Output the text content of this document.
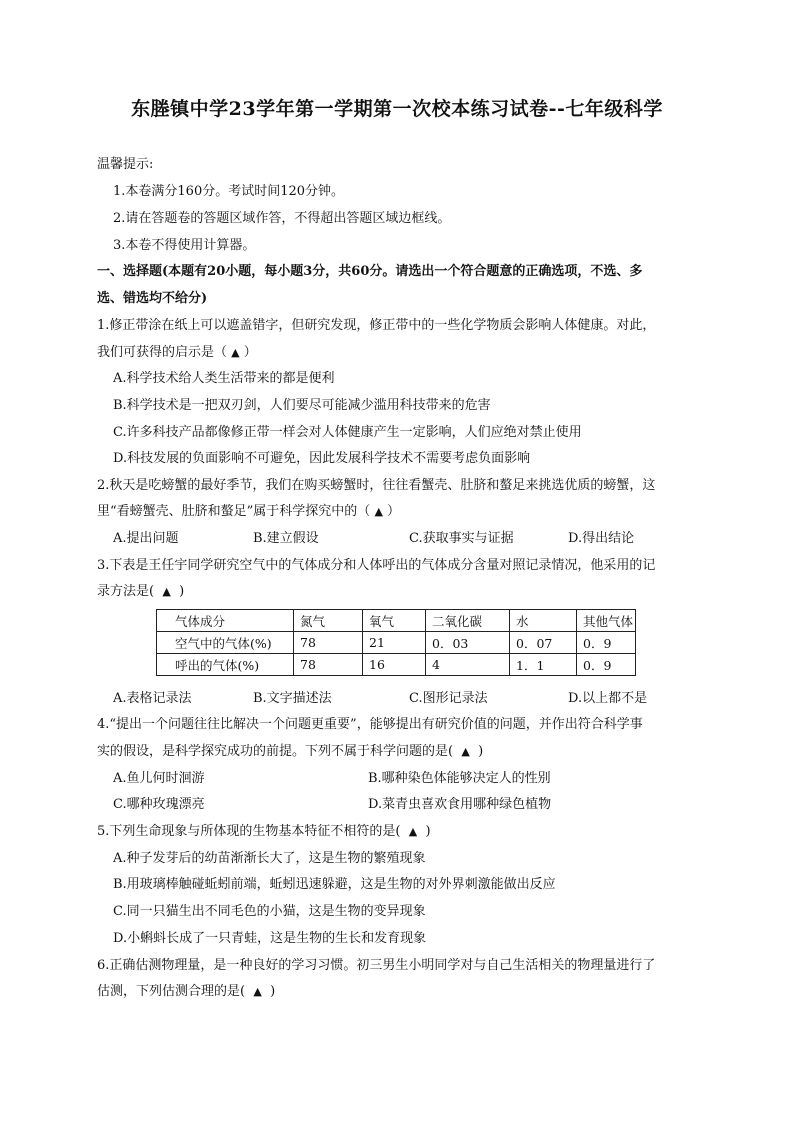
东塍镇中学23学年第一学期第一次校本练习试卷--七年级科学
温馨提示:
1.本卷满分160分。考试时间120分钟。
2.请在答题卷的答题区域作答，不得超出答题区域边框线。
3.本卷不得使用计算器。
一、选择题(本题有20小题，每小题3分，共60分。请选出一个符合题意的正确选项，不选、多
选、错选均不给分)
1.修正带涂在纸上可以遮盖错字，但研究发现，修正带中的一些化学物质会影响人体健康。对此，
我们可获得的启示是（ ▲ ）
A.科学技术给人类生活带来的都是便利
B.科学技术是一把双刃剑，人们要尽可能减少滥用科技带来的危害
C.许多科技产品都像修正带一样会对人体健康产生一定影响，人们应绝对禁止使用
D.科技发展的负面影响不可避免，因此发展科学技术不需要考虑负面影响
2.秋天是吃螃蟹的最好季节，我们在购买螃蟹时，往往看蟹壳、肚脐和螯足来挑选优质的螃蟹，这
里“看螃蟹壳、肚脐和螯足”属于科学探究中的（ ▲ ）
A.提出问题	B.建立假设	C.获取事实与证据	D.得出结论
3.下表是王任宇同学研究空气中的气体成分和人体呼出的气体成分含量对照记录情况，他采用的记
录方法是( ▲ )
气体成分	氮气	氧气	二氧化碳	水	其他气体
空气中的气体(%)	78	21	0．03	0．07	0．9
呼出的气体(%)	78	16	4	1．1	0．9
A.表格记录法	B.文字描述法	C.图形记录法	D.以上都不是
4.“提出一个问题往往比解决一个问题更重要”，能够提出有研究价值的问题，并作出符合科学事
实的假设，是科学探究成功的前提。下列不属于科学问题的是( ▲ )
A.鱼儿何时洄游	B.哪种染色体能够决定人的性别
C.哪种玫瑰漂亮	D.菜青虫喜欢食用哪种绿色植物
5.下列生命现象与所体现的生物基本特征不相符的是( ▲ )
A.种子发芽后的幼苗渐渐长大了，这是生物的繁殖现象
B.用玻璃棒触碰蚯蚓前端，蚯蚓迅速躲避，这是生物的对外界刺激能做出反应
C.同一只猫生出不同毛色的小猫，这是生物的变异现象
D.小蝌蚪长成了一只青蛙，这是生物的生长和发育现象
6.正确估测物理量，是一种良好的学习习惯。初三男生小明同学对与自己生活相关的物理量进行了
估测，下列估测合理的是( ▲ )
